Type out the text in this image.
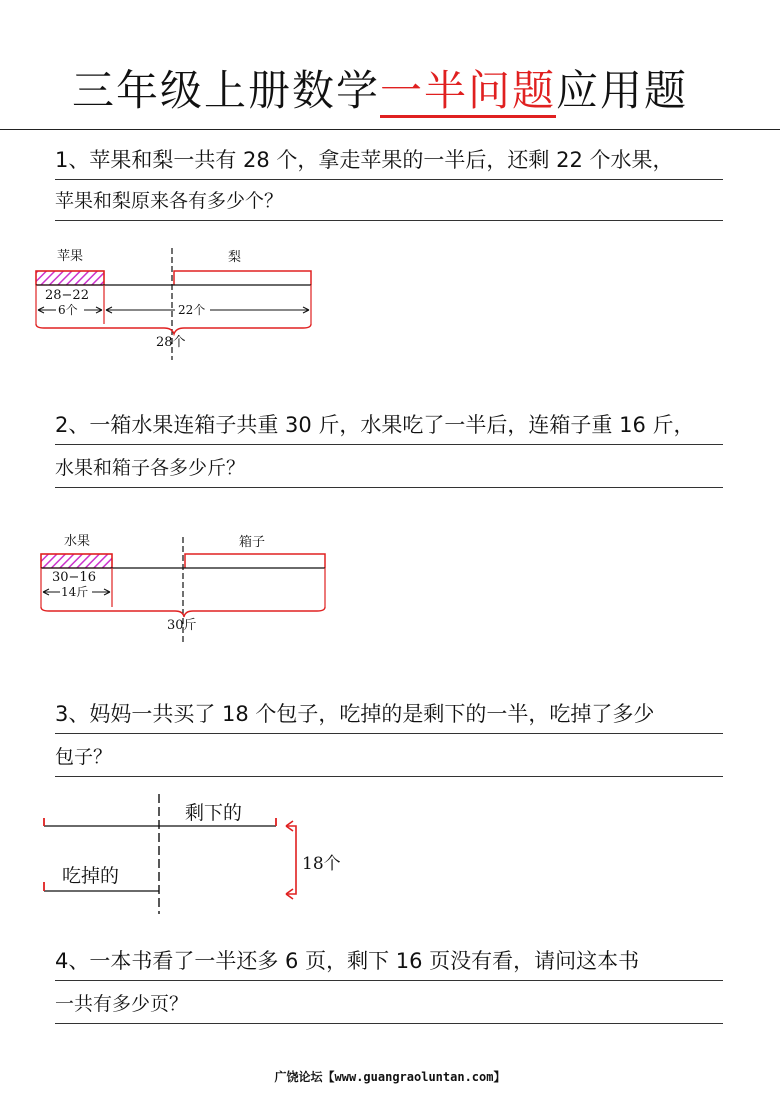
三年级上册数学一半问题应用题
1、苹果和梨一共有 28 个，拿走苹果的一半后，还剩 22 个水果，
苹果和梨原来各有多少个？
苹果	梨
28−22
6个	22个
28个
2、一箱水果连箱子共重 30 斤，水果吃了一半后，连箱子重 16 斤，
水果和箱子各多少斤？
水果	箱子
30−16
14斤
30斤
3、妈妈一共买了 18 个包子，吃掉的是剩下的一半，吃掉了多少
包子？
剩下的
吃掉的
18个
4、一本书看了一半还多 6 页，剩下 16 页没有看，请问这本书
一共有多少页？
广饶论坛【www.guangraoluntan.com】
